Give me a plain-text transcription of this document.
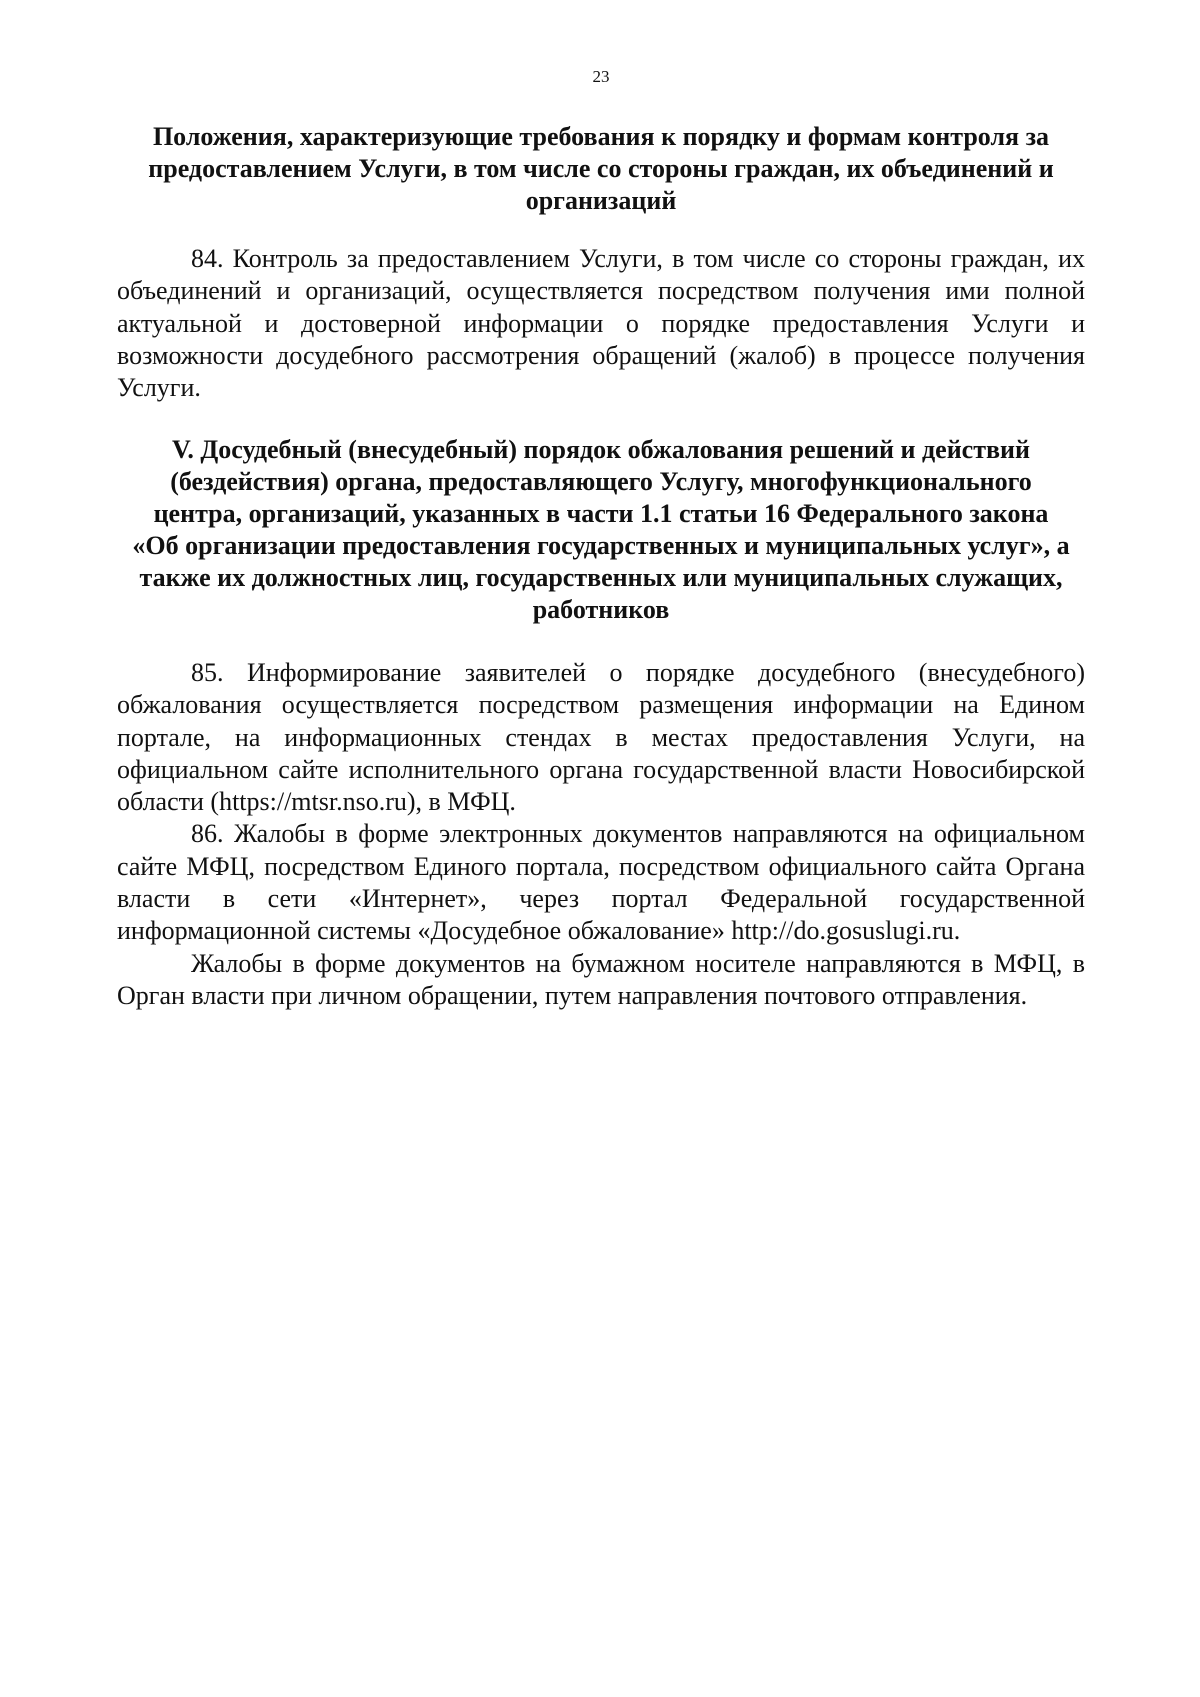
23
Положения, характеризующие требования к порядку и формам контроля за
предоставлением Услуги, в том числе со стороны граждан, их объединений и
организаций

84. Контроль за предоставлением Услуги, в том числе со стороны граждан, их объединений и организаций, осуществляется посредством получения ими полной актуальной и достоверной информации о порядке предоставления Услуги и возможности досудебного рассмотрения обращений (жалоб) в процессе получения Услуги.

V. Досудебный (внесудебный) порядок обжалования решений и действий
(бездействия) органа, предоставляющего Услугу, многофункционального
центра, организаций, указанных в части 1.1 статьи 16 Федерального закона
«Об организации предоставления государственных и муниципальных услуг», а
также их должностных лиц, государственных или муниципальных служащих,
работников

85. Информирование заявителей о порядке досудебного (внесудебного) обжалования осуществляется посредством размещения информации на Едином портале, на информационных стендах в местах предоставления Услуги, на официальном сайте исполнительного органа государственной власти Новосибирской области (https://mtsr.nso.ru), в МФЦ.

86. Жалобы в форме электронных документов направляются на официальном сайте МФЦ, посредством Единого портала, посредством официального сайта Органа власти в сети «Интернет», через портал Федеральной государственной информационной системы «Досудебное обжалование» http://do.gosuslugi.ru.

Жалобы в форме документов на бумажном носителе направляются в МФЦ, в Орган власти при личном обращении, путем направления почтового отправления.
